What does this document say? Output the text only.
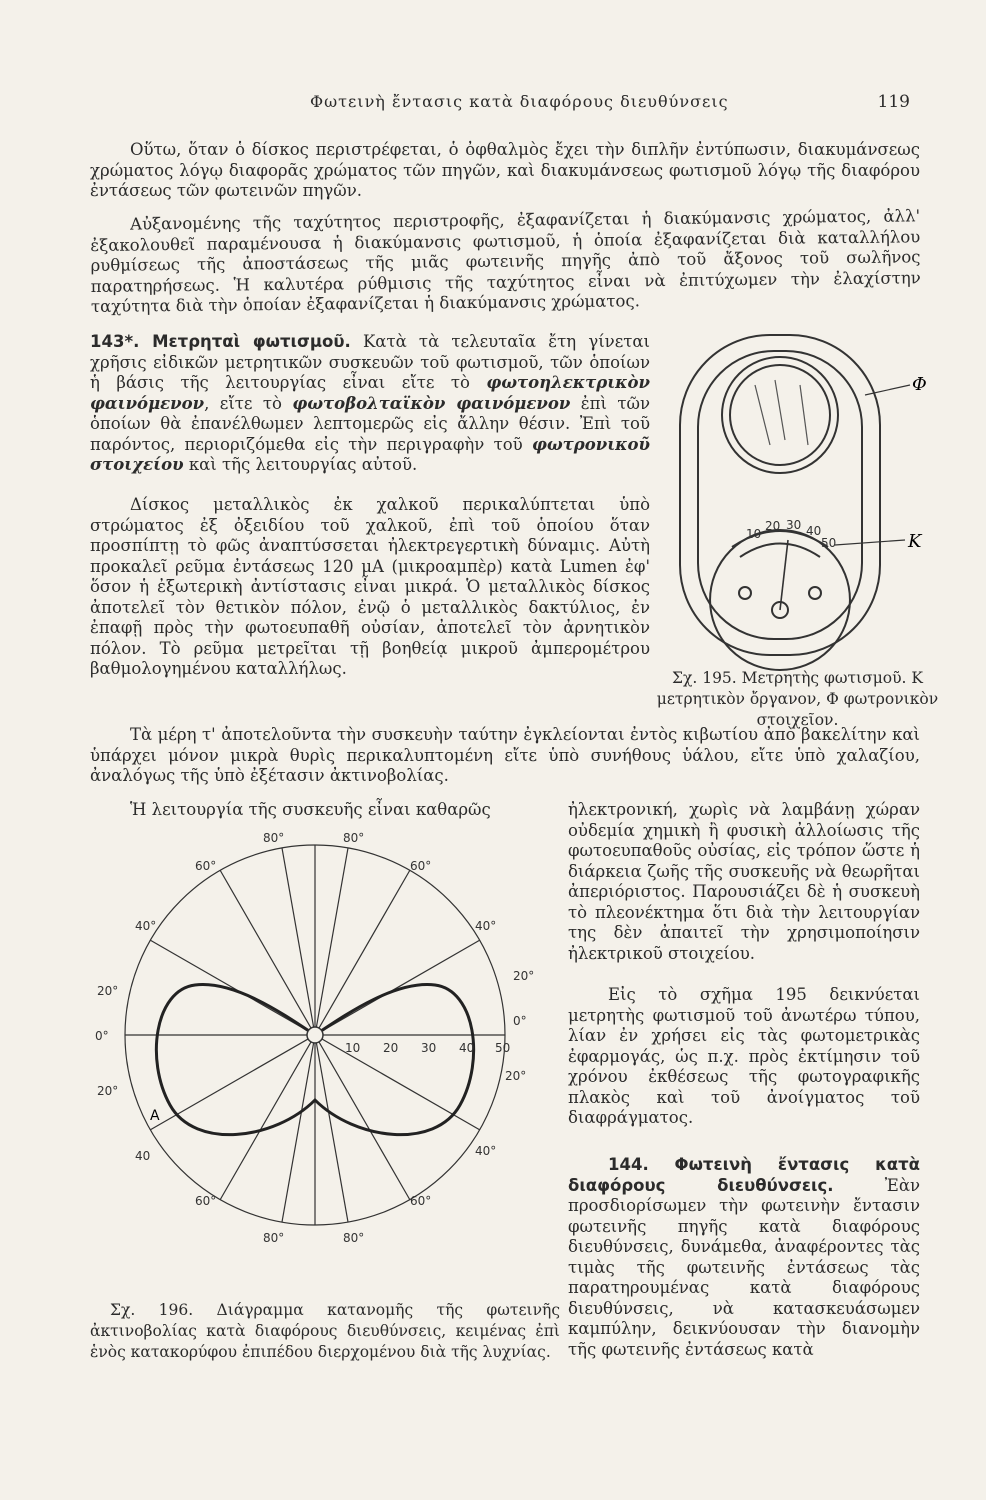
Φωτεινὴ ἔντασις κατὰ διαφόρους διευθύνσεις	119

Οὕτω, ὅταν ὁ δίσκος περιστρέφεται, ὁ ὀφθαλμὸς ἔχει τὴν διπλῆν ἐντύπωσιν, διακυμάνσεως χρώματος λόγῳ διαφορᾶς χρώματος τῶν πηγῶν, καὶ διακυμάνσεως φωτισμοῦ λόγῳ τῆς διαφόρου ἐντάσεως τῶν φωτεινῶν πηγῶν.

Αὐξανομένης τῆς ταχύτητος περιστροφῆς, ἐξαφανίζεται ἡ διακύμανσις χρώματος, ἀλλ' ἐξακολουθεῖ παραμένουσα ἡ διακύμανσις φωτισμοῦ, ἡ ὁποία ἐξαφανίζεται διὰ καταλλήλου ρυθμίσεως τῆς ἀποστάσεως τῆς μιᾶς φωτεινῆς πηγῆς ἀπὸ τοῦ ἄξονος τοῦ σωλῆνος παρατηρήσεως. Ἡ καλυτέρα ρύθμισις τῆς ταχύτητος εἶναι νὰ ἐπιτύχωμεν τὴν ἐλαχίστην ταχύτητα διὰ τὴν ὁποίαν ἐξαφανίζεται ἡ διακύμανσις χρώματος.

143*. Μετρηταὶ φωτισμοῦ. Κατὰ τὰ τελευταῖα ἔτη γίνεται χρῆσις εἰδικῶν μετρητικῶν συσκευῶν τοῦ φωτισμοῦ, τῶν ὁποίων ἡ βάσις τῆς λειτουργίας εἶναι εἴτε τὸ φωτοηλεκτρικὸν φαινόμενον, εἴτε τὸ φωτοβολταϊκὸν φαινόμενον ἐπὶ τῶν ὁποίων θὰ ἐπανέλθωμεν λεπτομερῶς εἰς ἄλλην θέσιν. Ἐπὶ τοῦ παρόντος, περιοριζόμεθα εἰς τὴν περιγραφὴν τοῦ φωτρονικοῦ στοιχείου καὶ τῆς λειτουργίας αὐτοῦ.

Δίσκος μεταλλικὸς ἐκ χαλκοῦ περικαλύπτεται ὑπὸ στρώματος ἐξ ὀξειδίου τοῦ χαλκοῦ, ἐπὶ τοῦ ὁποίου ὅταν προσπίπτῃ τὸ φῶς ἀναπτύσσεται ἠλεκτρεγερτικὴ δύναμις. Αὐτὴ προκαλεῖ ρεῦμα ἐντάσεως 120 μA (μικροαμπὲρ) κατὰ Lumen ἐφ' ὅσον ἡ ἐξωτερικὴ ἀντίστασις εἶναι μικρά. Ὁ μεταλλικὸς δίσκος ἀποτελεῖ τὸν θετικὸν πόλον, ἐνῷ ὁ μεταλλικὸς δακτύλιος, ἐν ἐπαφῇ πρὸς τὴν φωτοευπαθῆ οὐσίαν, ἀποτελεῖ τὸν ἀρνητικὸν πόλον. Τὸ ρεῦμα μετρεῖται τῇ βοηθείᾳ μικροῦ ἀμπερομέτρου βαθμολογημένου καταλλήλως.

10
20 30 40
50
Φ
K

Σχ. 195. Μετρητὴς φωτισμοῦ. K μετρητικὸν ὄργανον, Φ φωτρονικὸν στοιχεῖον.

Τὰ μέρη τ' ἀποτελοῦντα τὴν συσκευὴν ταύτην ἐγκλείονται ἐντὸς κιβωτίου ἀπὸ βακελίτην καὶ ὑπάρχει μόνον μικρὰ θυρὶς περικαλυπτομένη εἴτε ὑπὸ συνήθους ὑάλου, εἴτε ὑπὸ χαλαζίου, ἀναλόγως τῆς ὑπὸ ἐξέτασιν ἀκτινοβολίας.

Ἡ λειτουργία τῆς συσκευῆς εἶναι καθαρῶς	ἠλεκτρονική, χωρὶς νὰ λαμβάνῃ χώραν οὐδεμία χημικὴ ἢ φυσικὴ ἀλλοίωσις τῆς φωτοευπαθοῦς οὐσίας, εἰς τρόπον ὥστε ἡ διάρκεια ζωῆς τῆς συσκευῆς νὰ θεωρῆται ἀπεριόριστος. Παρουσιάζει δὲ ἡ συσκευὴ τὸ πλεονέκτημα ὅτι διὰ τὴν λειτουργίαν της δὲν ἀπαιτεῖ τὴν χρησιμοποίησιν ἠλεκτρικοῦ στοιχείου.

Εἰς τὸ σχῆμα 195 δεικνύεται μετρητὴς φωτισμοῦ τοῦ ἀνωτέρω τύπου, λίαν ἐν χρήσει εἰς τὰς φωτομετρικὰς ἐφαρμογάς, ὡς π.χ. πρὸς ἐκτίμησιν τοῦ χρόνου ἐκθέσεως τῆς φωτογραφικῆς πλακὸς καὶ τοῦ ἀνοίγματος τοῦ διαφράγματος.

144. Φωτεινὴ ἔντασις κατὰ διαφόρους διευθύνσεις.	Ἐὰν προσδιορίσωμεν τὴν φωτεινὴν ἔντασιν φωτεινῆς πηγῆς κατὰ διαφόρους διευθύνσεις, δυνάμεθα, ἀναφέροντες τὰς τιμὰς τῆς φωτεινῆς ἐντάσεως τὰς παρατηρουμένας κατὰ διαφόρους διευθύνσεις, νὰ κατασκευάσωμεν καμπύλην, δεικνύουσαν τὴν διανομὴν τῆς φωτεινῆς ἐντάσεως κατὰ

80°	80°
60°	60°
40°	40°
20°
20°
0°
0°
20°
20°
40	40°
60°	60°
80°	80°
10 20 30 40 50
A

Σχ. 196. Διάγραμμα κατανομῆς τῆς φωτεινῆς ἀκτινοβολίας κατὰ διαφόρους διευθύνσεις, κειμένας ἐπὶ ἑνὸς κατακορύφου ἐπιπέδου διερχομένου διὰ τῆς λυχνίας.
